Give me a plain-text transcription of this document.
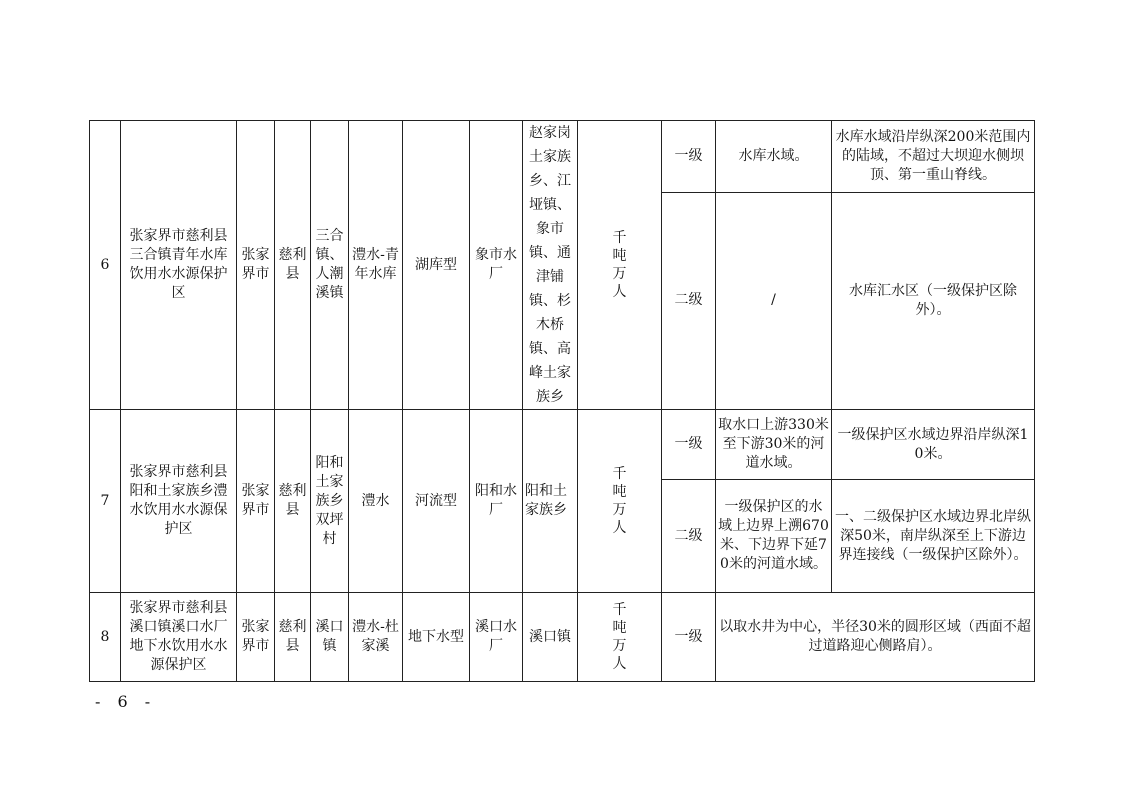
6	张家界市慈利县三合镇青年水库饮用水水源保护区	张家界市	慈利县	三合镇、人潮溪镇	澧水-青年水库	湖库型	象市水厂	赵家岗土家族乡、江垭镇、象市镇、通津铺镇、杉木桥镇、高峰土家族乡	千吨万人	一级	水库水域。	水库水域沿岸纵深200米范围内的陆域，不超过大坝迎水侧坝顶、第一重山脊线。
										二级	/	水库汇水区（一级保护区除外）。
7	张家界市慈利县阳和土家族乡澧水饮用水水源保护区	张家界市	慈利县	阳和土家族乡双坪村	澧水	河流型	阳和水厂	阳和土家族乡	千吨万人	一级	取水口上游330米至下游30米的河道水域。	一级保护区水域边界沿岸纵深10米。
										二级	一级保护区的水域上边界上溯670米、下边界下延70米的河道水域。	一、二级保护区水域边界北岸纵深50米，南岸纵深至上下游边界连接线（一级保护区除外）。
8	张家界市慈利县溪口镇溪口水厂地下水饮用水水源保护区	张家界市	慈利县	溪口镇	澧水-杜家溪	地下水型	溪口水厂	溪口镇	千吨万人	一级	以取水井为中心，半径30米的圆形区域（西面不超过道路迎心侧路肩）。	
- 6 -
